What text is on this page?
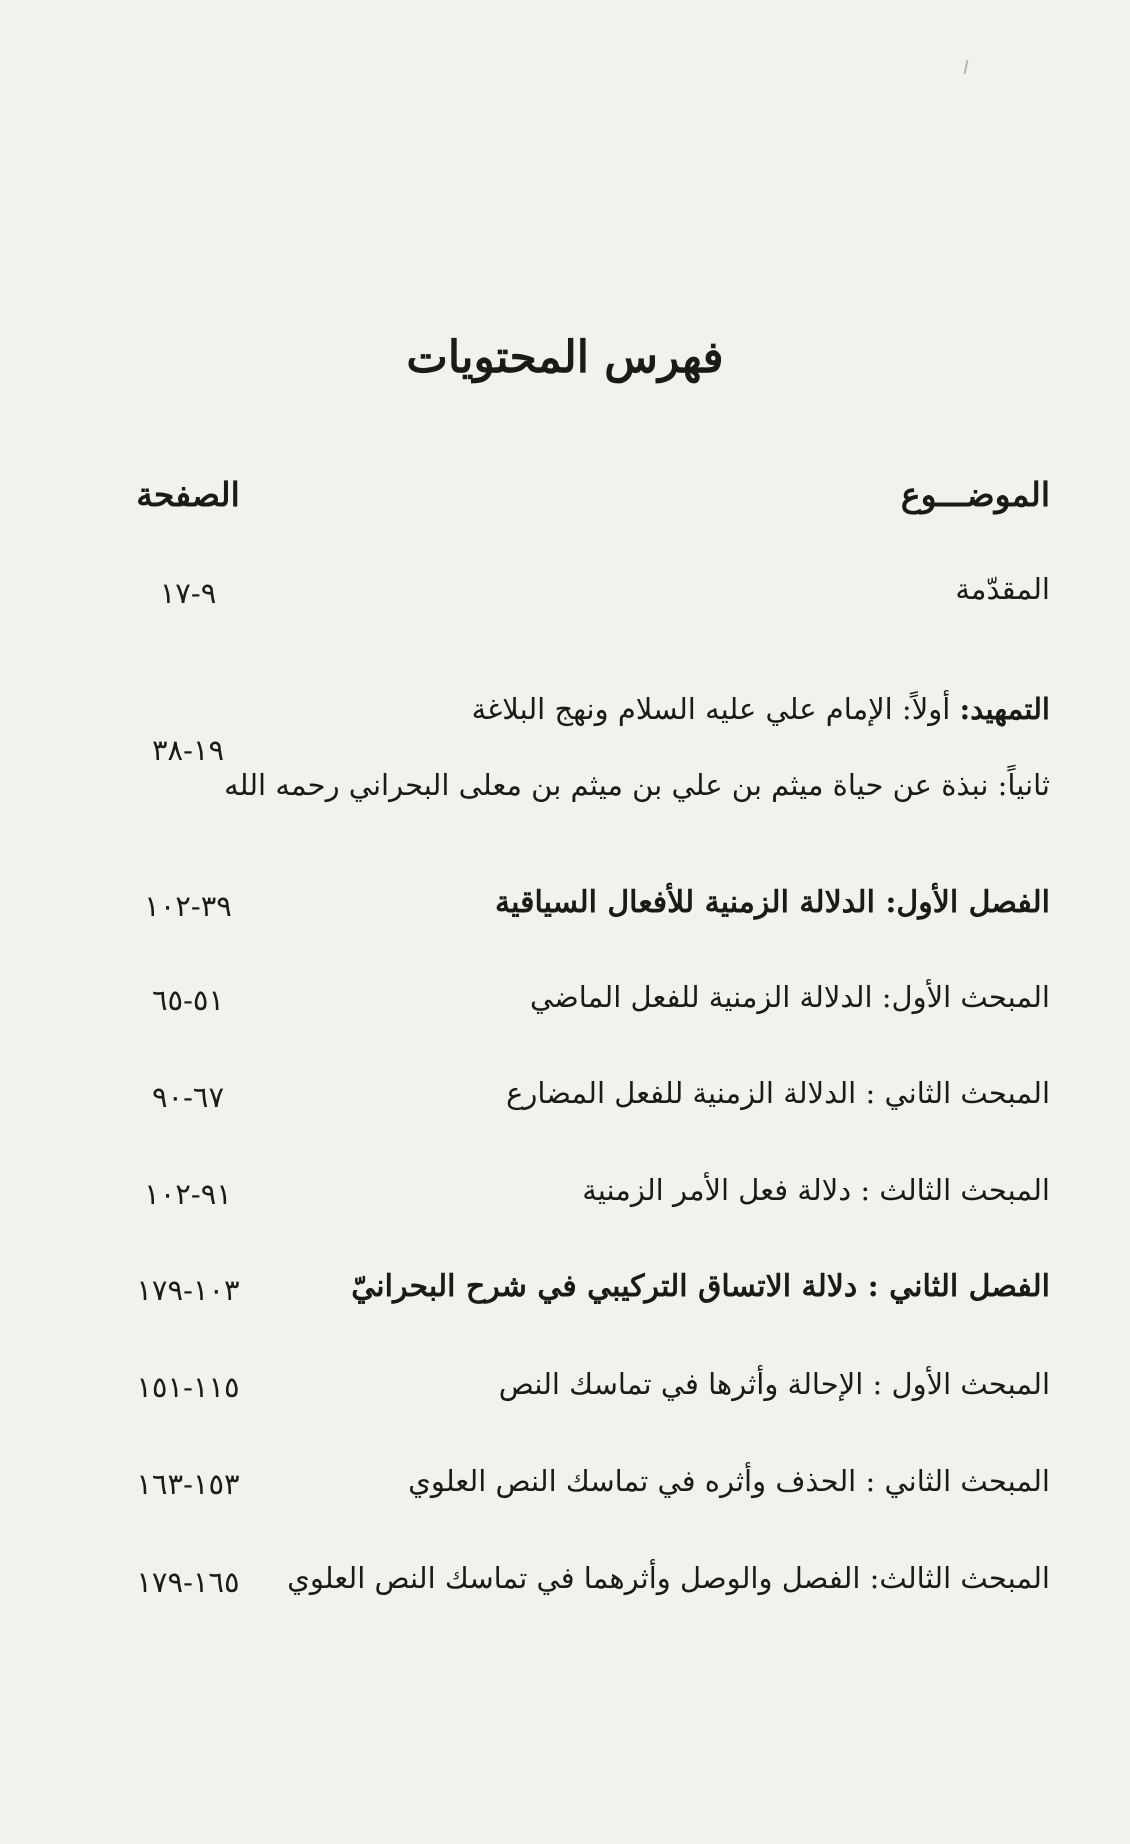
فهرس المحتويات
الموضـــوع
الصفحة
المقدّمة
٩-١٧
التمهيد: أولاً: الإمام علي عليه السلام ونهج البلاغة
١٩-٣٨
ثانياً: نبذة عن حياة ميثم بن علي بن ميثم بن معلى البحراني رحمه الله
الفصل الأول: الدلالة الزمنية للأفعال السياقية
٣٩-١٠٢
المبحث الأول: الدلالة الزمنية للفعل الماضي
٥١-٦٥
المبحث الثاني : الدلالة الزمنية للفعل المضارع
٦٧-٩٠
المبحث الثالث : دلالة فعل الأمر الزمنية
٩١-١٠٢
الفصل الثاني : دلالة الاتساق التركيبي في شرح البحرانيّ
١٠٣-١٧٩
المبحث الأول : الإحالة وأثرها في تماسك النص
١١٥-١٥١
المبحث الثاني : الحذف وأثره في تماسك النص العلوي
١٥٣-١٦٣
المبحث الثالث: الفصل والوصل وأثرهما في تماسك النص العلوي
١٦٥-١٧٩
